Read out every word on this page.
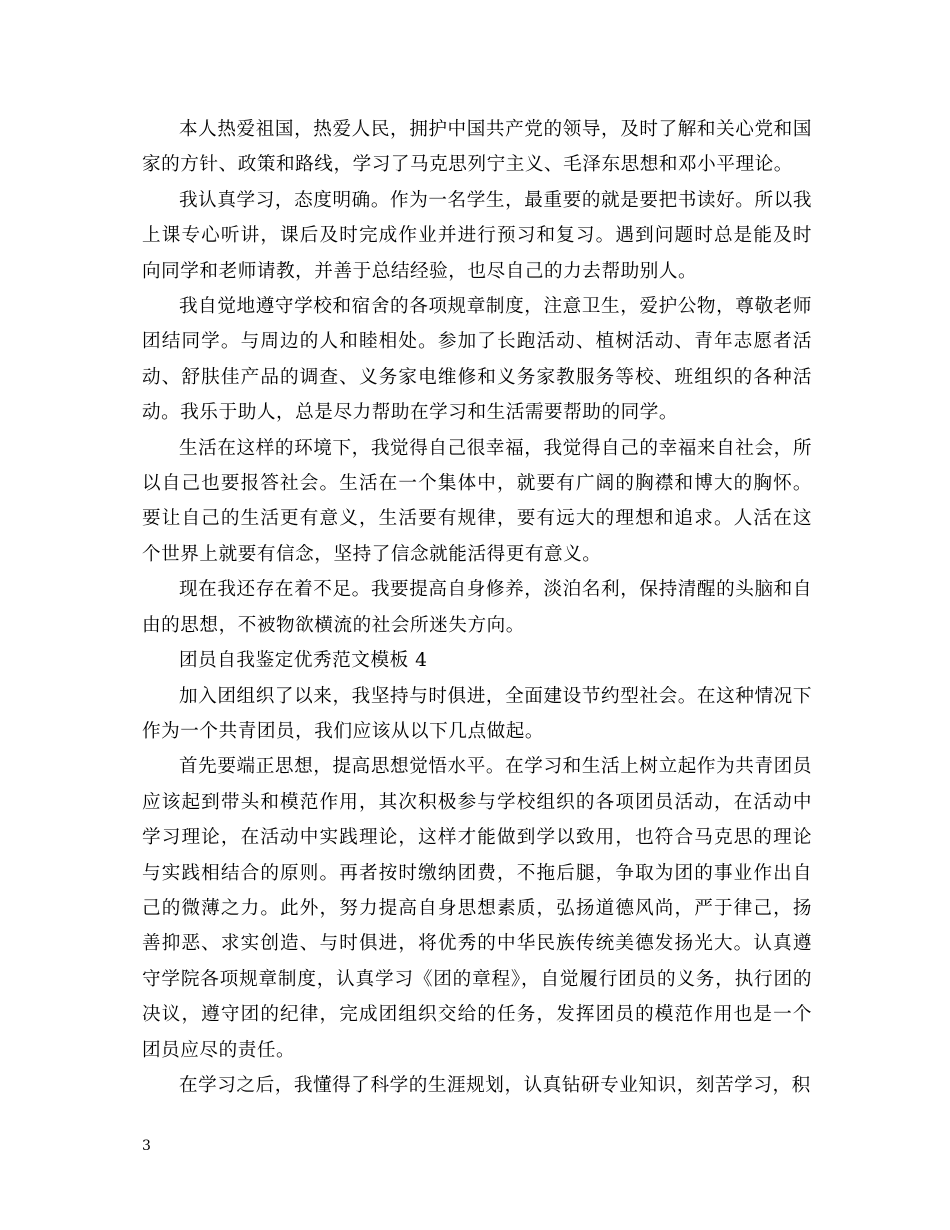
本人热爱祖国，热爱人民，拥护中国共产党的领导，及时了解和关心党和国家的方针、政策和路线，学习了马克思列宁主义、毛泽东思想和邓小平理论。

我认真学习，态度明确。作为一名学生，最重要的就是要把书读好。所以我上课专心听讲，课后及时完成作业并进行预习和复习。遇到问题时总是能及时向同学和老师请教，并善于总结经验，也尽自己的力去帮助别人。

我自觉地遵守学校和宿舍的各项规章制度，注意卫生，爱护公物，尊敬老师团结同学。与周边的人和睦相处。参加了长跑活动、植树活动、青年志愿者活动、舒肤佳产品的调查、义务家电维修和义务家教服务等校、班组织的各种活动。我乐于助人，总是尽力帮助在学习和生活需要帮助的同学。

生活在这样的环境下，我觉得自己很幸福，我觉得自己的幸福来自社会，所以自己也要报答社会。生活在一个集体中，就要有广阔的胸襟和博大的胸怀。要让自己的生活更有意义，生活要有规律，要有远大的理想和追求。人活在这个世界上就要有信念，坚持了信念就能活得更有意义。

现在我还存在着不足。我要提高自身修养，淡泊名利，保持清醒的头脑和自由的思想，不被物欲横流的社会所迷失方向。

团员自我鉴定优秀范文模板 4

加入团组织了以来，我坚持与时俱进，全面建设节约型社会。在这种情况下作为一个共青团员，我们应该从以下几点做起。

首先要端正思想，提高思想觉悟水平。在学习和生活上树立起作为共青团员应该起到带头和模范作用，其次积极参与学校组织的各项团员活动，在活动中学习理论，在活动中实践理论，这样才能做到学以致用，也符合马克思的理论与实践相结合的原则。再者按时缴纳团费，不拖后腿，争取为团的事业作出自己的微薄之力。此外，努力提高自身思想素质，弘扬道德风尚，严于律己，扬善抑恶、求实创造、与时俱进，将优秀的中华民族传统美德发扬光大。认真遵守学院各项规章制度，认真学习《团的章程》，自觉履行团员的义务，执行团的决议，遵守团的纪律，完成团组织交给的任务，发挥团员的模范作用也是一个团员应尽的责任。

在学习之后，我懂得了科学的生涯规划，认真钻研专业知识，刻苦学习，积

3
